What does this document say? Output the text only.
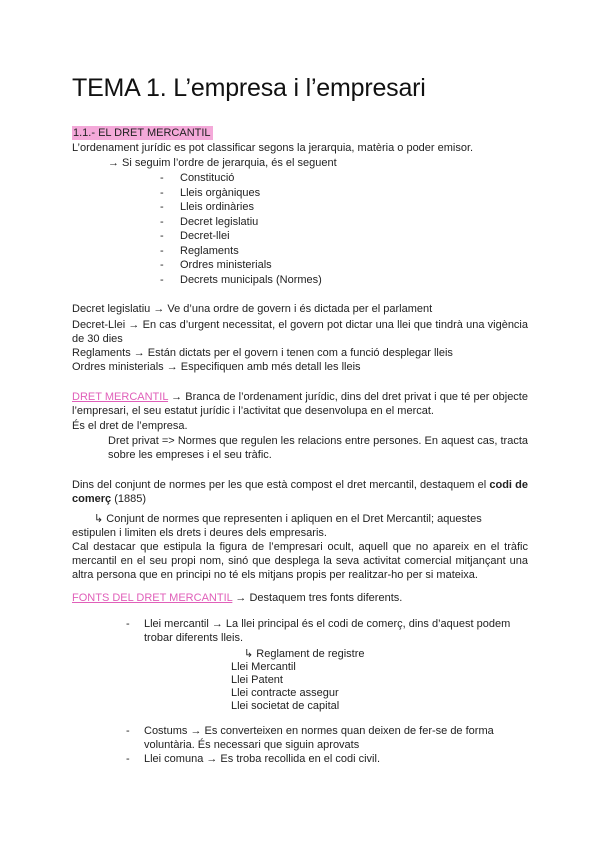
TEMA 1. L’empresa i l’empresari
1.1.- EL DRET MERCANTIL
L’ordenament jurídic es pot classificar segons la jerarquia, matèria o poder emisor.
→ Si seguim l’ordre de jerarquia, és el seguent
- Constitució
- Lleis orgàniques
- Lleis ordinàries
- Decret legislatiu
- Decret-llei
- Reglaments
- Ordres ministerials
- Decrets municipals (Normes)
Decret legislatiu → Ve d’una ordre de govern i és dictada per el parlament
Decret-Llei → En cas d’urgent necessitat, el govern pot dictar una llei que tindrà una vigència de 30 dies
Reglaments → Están dictats per el govern i tenen com a funció desplegar lleis
Ordres ministerials → Especifiquen amb més detall les lleis
DRET MERCANTIL → Branca de l’ordenament jurídic, dins del dret privat i que té per objecte l’empresari, el seu estatut jurídic i l’activitat que desenvolupa en el mercat.
És el dret de l’empresa.
Dret privat => Normes que regulen les relacions entre persones. En aquest cas, tracta sobre les empreses i el seu tràfic.
Dins del conjunt de normes per les que està compost el dret mercantil, destaquem el codi de comerç (1885)
↳ Conjunt de normes que representen i apliquen en el Dret Mercantil; aquestes
estipulen i limiten els drets i deures dels empresaris.
Cal destacar que estipula la figura de l’empresari ocult, aquell que no apareix en el tràfic mercantil en el seu propi nom, sinó que desplega la seva activitat comercial mitjançant una altra persona que en principi no té els mitjans propis per realitzar-ho per si mateixa.
FONTS DEL DRET MERCANTIL → Destaquem tres fonts diferents.
-	Llei mercantil → La llei principal és el codi de comerç, dins d’aquest podem trobar diferents lleis.
↳ Reglament de registre
Llei Mercantil
Llei Patent
Llei contracte assegur
Llei societat de capital
-	Costums → Es converteixen en normes quan deixen de fer-se de forma voluntària. És necessari que siguin aprovats
-	Llei comuna → Es troba recollida en el codi civil.
